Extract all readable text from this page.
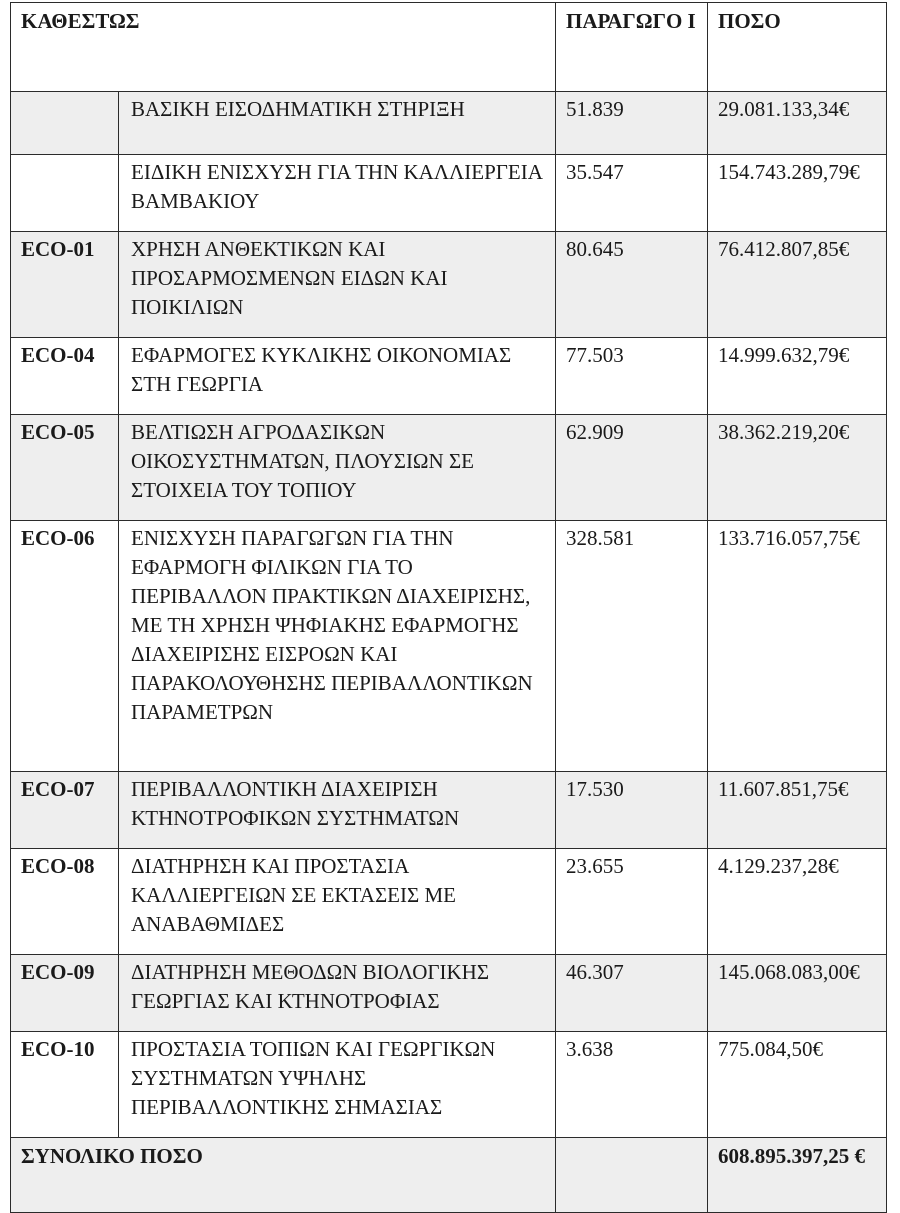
ΚΑΘΕΣΤΩΣ		ΠΑΡΑΓΩΓΟ Ι	ΠΟΣΟ
	ΒΑΣΙΚΗ ΕΙΣΟΔΗΜΑΤΙΚΗ ΣΤΗΡΙΞΗ	51.839	29.081.133,34€
	ΕΙΔΙΚΗ ΕΝΙΣΧΥΣΗ ΓΙΑ ΤΗΝ ΚΑΛΛΙΕΡΓΕΙΑ ΒΑΜΒΑΚΙΟΥ	35.547	154.743.289,79€
ECO-01	ΧΡΗΣΗ ΑΝΘΕΚΤΙΚΩΝ ΚΑΙ ΠΡΟΣΑΡΜΟΣΜΕΝΩΝ ΕΙΔΩΝ ΚΑΙ ΠΟΙΚΙΛΙΩΝ	80.645	76.412.807,85€
ECO-04	ΕΦΑΡΜΟΓΕΣ ΚΥΚΛΙΚΗΣ ΟΙΚΟΝΟΜΙΑΣ ΣΤΗ ΓΕΩΡΓΙΑ	77.503	14.999.632,79€
ECO-05	ΒΕΛΤΙΩΣΗ ΑΓΡΟΔΑΣΙΚΩΝ ΟΙΚΟΣΥΣΤΗΜΑΤΩΝ, ΠΛΟΥΣΙΩΝ ΣΕ ΣΤΟΙΧΕΙΑ ΤΟΥ ΤΟΠΙΟΥ	62.909	38.362.219,20€
ECO-06	ΕΝΙΣΧΥΣΗ ΠΑΡΑΓΩΓΩΝ ΓΙΑ ΤΗΝ ΕΦΑΡΜΟΓΗ ΦΙΛΙΚΩΝ ΓΙΑ ΤΟ ΠΕΡΙΒΑΛΛΟΝ ΠΡΑΚΤΙΚΩΝ ΔΙΑΧΕΙΡΙΣΗΣ, ΜΕ ΤΗ ΧΡΗΣΗ ΨΗΦΙΑΚΗΣ ΕΦΑΡΜΟΓΗΣ ΔΙΑΧΕΙΡΙΣΗΣ ΕΙΣΡΟΩΝ ΚΑΙ ΠΑΡΑΚΟΛΟΥΘΗΣΗΣ ΠΕΡΙΒΑΛΛΟΝΤΙΚΩΝ ΠΑΡΑΜΕΤΡΩΝ	328.581	133.716.057,75€
ECO-07	ΠΕΡΙΒΑΛΛΟΝΤΙΚΗ ΔΙΑΧΕΙΡΙΣΗ ΚΤΗΝΟΤΡΟΦΙΚΩΝ ΣΥΣΤΗΜΑΤΩΝ	17.530	11.607.851,75€
ECO-08	ΔΙΑΤΗΡΗΣΗ ΚΑΙ ΠΡΟΣΤΑΣΙΑ ΚΑΛΛΙΕΡΓΕΙΩΝ ΣΕ ΕΚΤΑΣΕΙΣ ΜΕ ΑΝΑΒΑΘΜΙΔΕΣ	23.655	4.129.237,28€
ECO-09	ΔΙΑΤΗΡΗΣΗ ΜΕΘΟΔΩΝ ΒΙΟΛΟΓΙΚΗΣ ΓΕΩΡΓΙΑΣ ΚΑΙ ΚΤΗΝΟΤΡΟΦΙΑΣ	46.307	145.068.083,00€
ECO-10	ΠΡΟΣΤΑΣΙΑ ΤΟΠΙΩΝ ΚΑΙ ΓΕΩΡΓΙΚΩΝ ΣΥΣΤΗΜΑΤΩΝ ΥΨΗΛΗΣ ΠΕΡΙΒΑΛΛΟΝΤΙΚΗΣ ΣΗΜΑΣΙΑΣ	3.638	775.084,50€
ΣΥΝΟΛΙΚΟ ΠΟΣΟ			608.895.397,25 €
